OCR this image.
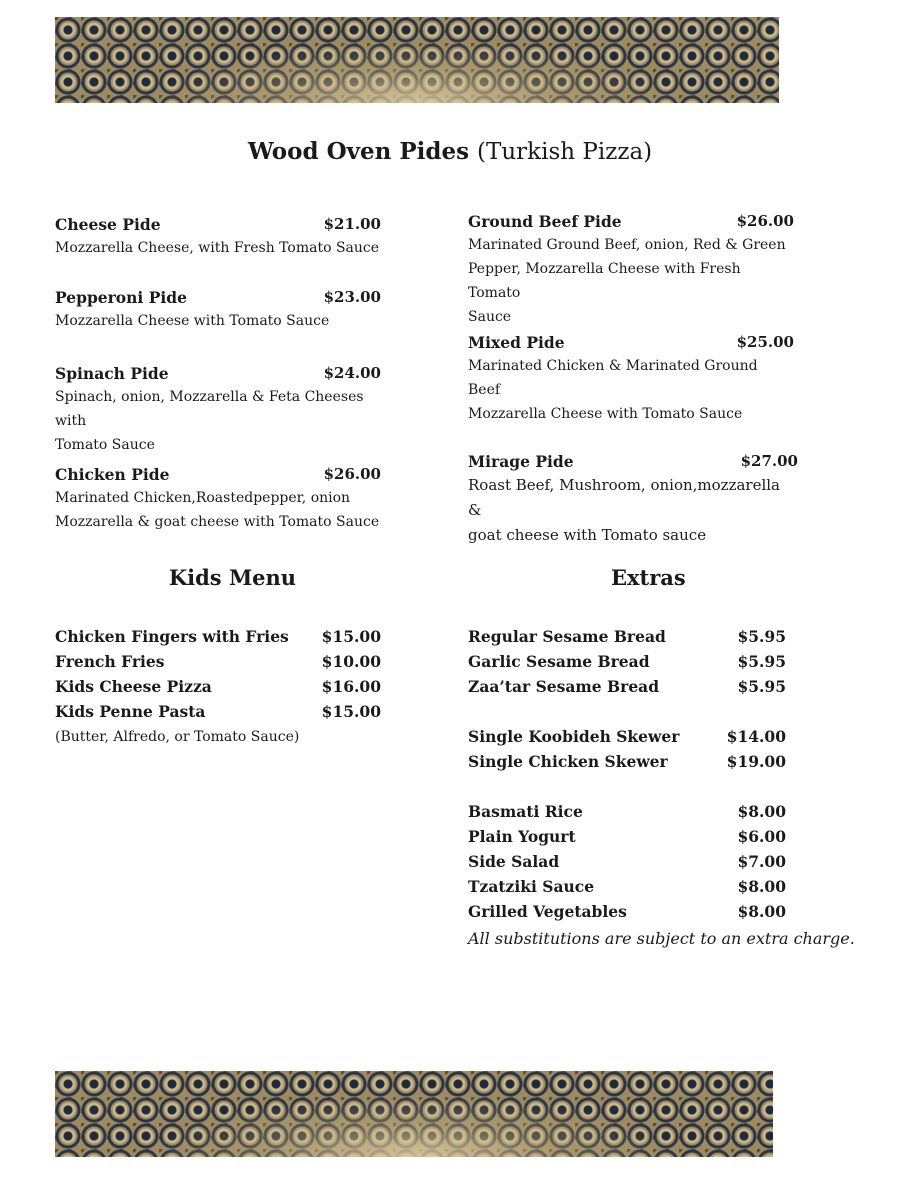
Wood Oven Pides (Turkish Pizza)
Cheese Pide	$21.00
Mozzarella Cheese, with Fresh Tomato Sauce
Pepperoni Pide	$23.00
Mozzarella Cheese with Tomato Sauce
Spinach Pide	$24.00
Spinach, onion, Mozzarella & Feta Cheeses with
Tomato Sauce
Chicken Pide	$26.00
Marinated Chicken,Roastedpepper, onion
Mozzarella & goat cheese with Tomato Sauce
Ground Beef Pide	$26.00
Marinated Ground Beef, onion, Red & Green
Pepper, Mozzarella Cheese with Fresh Tomato
Sauce
Mixed Pide	$25.00
Marinated Chicken & Marinated Ground Beef
Mozzarella Cheese with Tomato Sauce
Mirage Pide	$27.00
Roast Beef, Mushroom, onion,mozzarella &
goat cheese with Tomato sauce
Kids Menu
Chicken Fingers with Fries $15.00
French Fries	$10.00
Kids Cheese Pizza	$16.00
Kids Penne Pasta	$15.00
(Butter, Alfredo, or Tomato Sauce)
Extras
Regular Sesame Bread	$5.95
Garlic Sesame Bread	$5.95
Zaa’tar Sesame Bread	$5.95
Single Koobideh Skewer	$14.00
Single Chicken Skewer	$19.00
Basmati Rice	$8.00
Plain Yogurt	$6.00
Side Salad	$7.00
Tzatziki Sauce	$8.00
Grilled Vegetables	$8.00
All substitutions are subject to an extra charge.
